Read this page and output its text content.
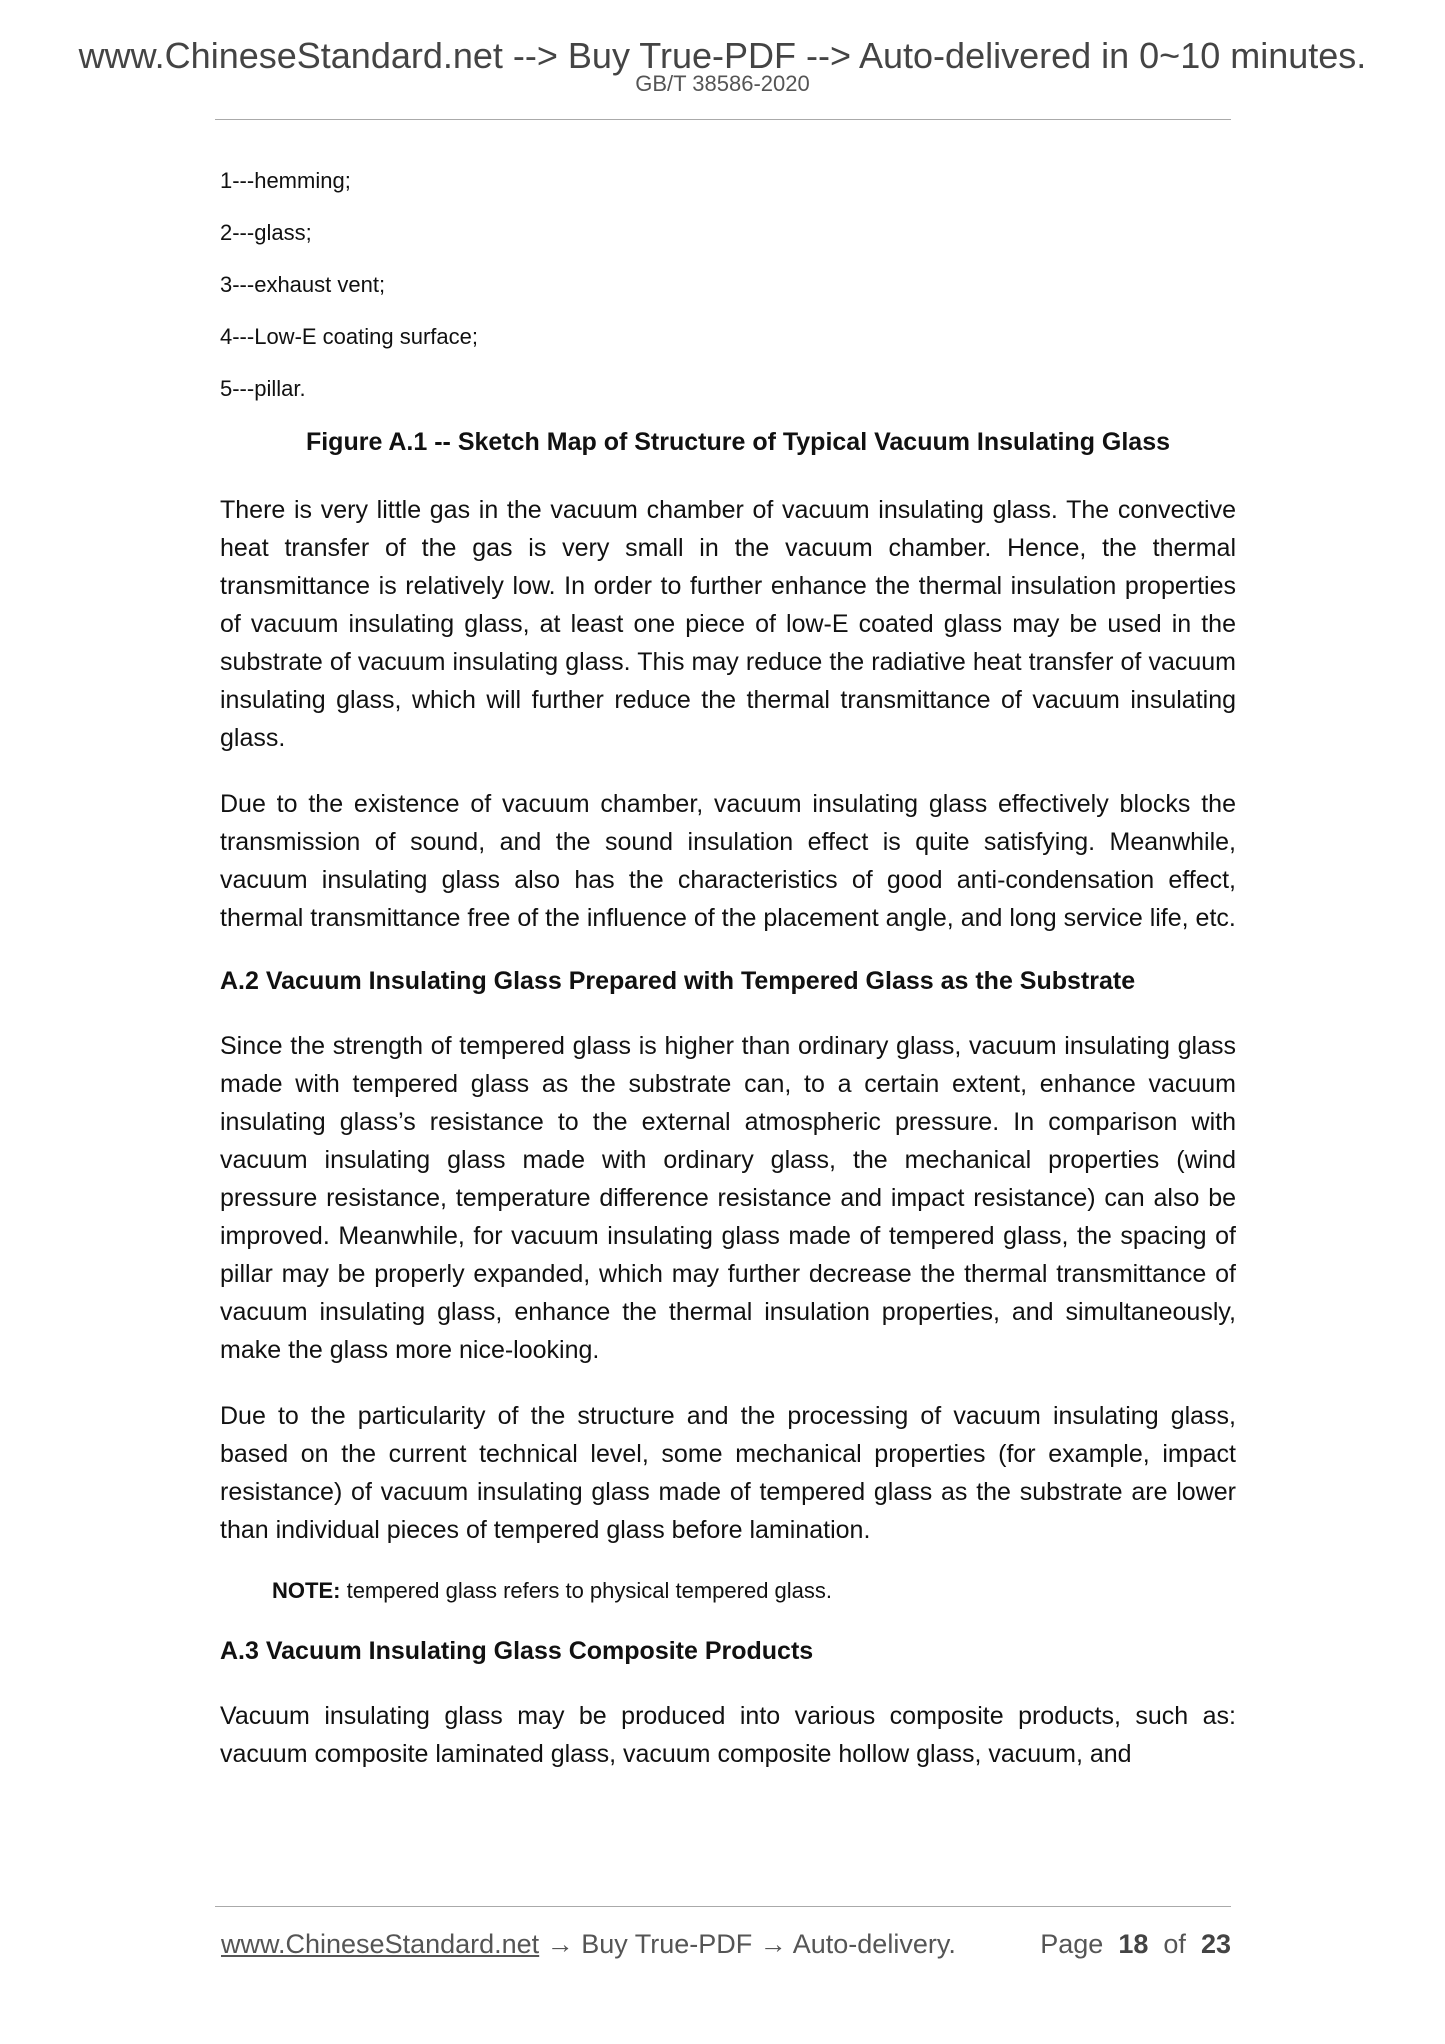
www.ChineseStandard.net --> Buy True-PDF --> Auto-delivered in 0~10 minutes.
GB/T 38586-2020
1---hemming;
2---glass;
3---exhaust vent;
4---Low-E coating surface;
5---pillar.
Figure A.1 -- Sketch Map of Structure of Typical Vacuum Insulating Glass

There is very little gas in the vacuum chamber of vacuum insulating glass. The convective heat transfer of the gas is very small in the vacuum chamber. Hence, the thermal transmittance is relatively low. In order to further enhance the thermal insulation properties of vacuum insulating glass, at least one piece of low-E coated glass may be used in the substrate of vacuum insulating glass. This may reduce the radiative heat transfer of vacuum insulating glass, which will further reduce the thermal transmittance of vacuum insulating glass.

Due to the existence of vacuum chamber, vacuum insulating glass effectively blocks the transmission of sound, and the sound insulation effect is quite satisfying. Meanwhile, vacuum insulating glass also has the characteristics of good anti-condensation effect, thermal transmittance free of the influence of the placement angle, and long service life, etc.

A.2 Vacuum Insulating Glass Prepared with Tempered Glass as the Substrate

Since the strength of tempered glass is higher than ordinary glass, vacuum insulating glass made with tempered glass as the substrate can, to a certain extent, enhance vacuum insulating glass’s resistance to the external atmospheric pressure. In comparison with vacuum insulating glass made with ordinary glass, the mechanical properties (wind pressure resistance, temperature difference resistance and impact resistance) can also be improved. Meanwhile, for vacuum insulating glass made of tempered glass, the spacing of pillar may be properly expanded, which may further decrease the thermal transmittance of vacuum insulating glass, enhance the thermal insulation properties, and simultaneously, make the glass more nice-looking.

Due to the particularity of the structure and the processing of vacuum insulating glass, based on the current technical level, some mechanical properties (for example, impact resistance) of vacuum insulating glass made of tempered glass as the substrate are lower than individual pieces of tempered glass before lamination.

NOTE: tempered glass refers to physical tempered glass.
A.3 Vacuum Insulating Glass Composite Products

Vacuum insulating glass may be produced into various composite products, such as: vacuum composite laminated glass, vacuum composite hollow glass, vacuum, and

www.ChineseStandard.net → Buy True-PDF → Auto-delivery.	Page 18 of 23
